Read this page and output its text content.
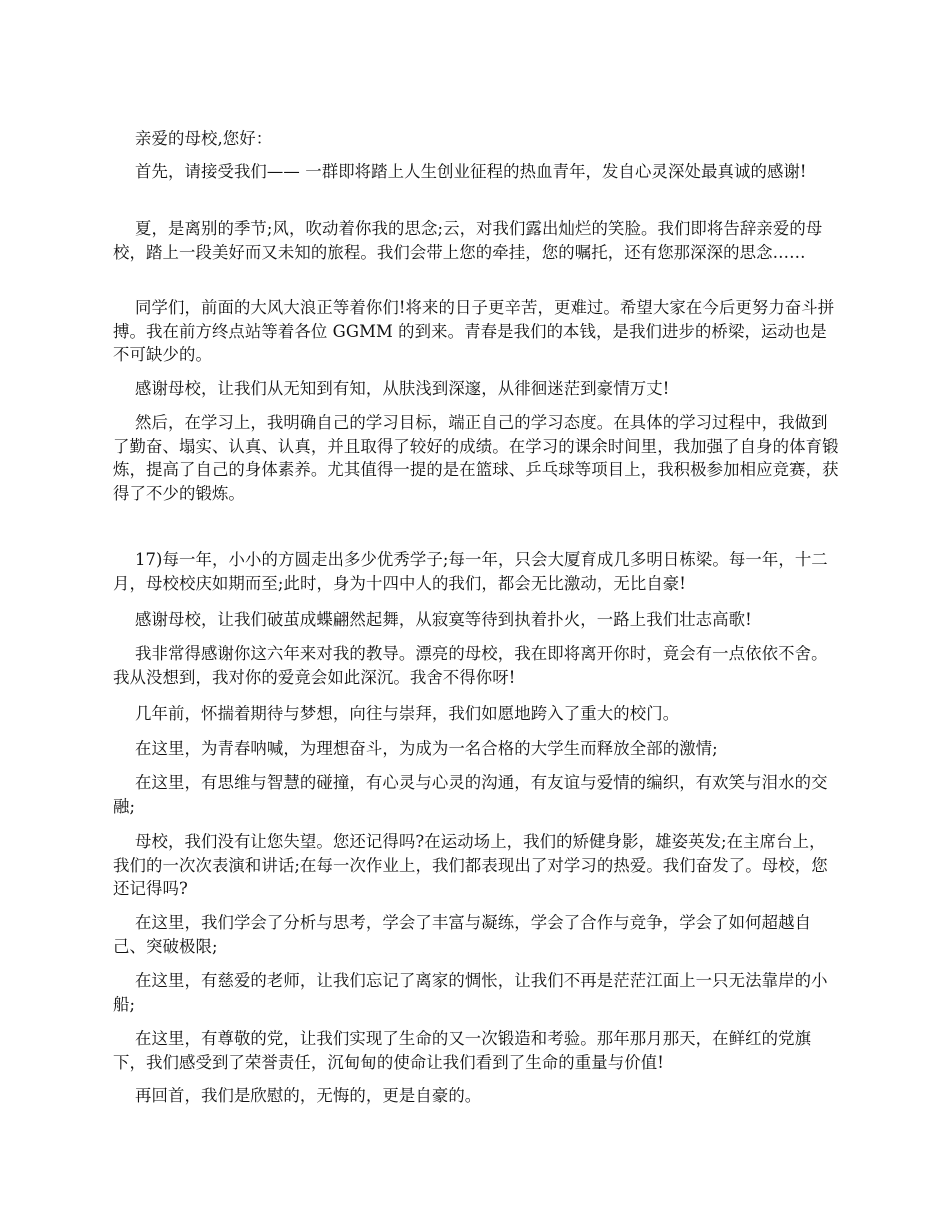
亲爱的母校,您好：

首先，请接受我们—— 一群即将踏上人生创业征程的热血青年，发自心灵深处最真诚的感谢!

夏，是离别的季节;风，吹动着你我的思念;云，对我们露出灿烂的笑脸。我们即将告辞亲爱的母校，踏上一段美好而又未知的旅程。我们会带上您的牵挂，您的嘱托，还有您那深深的思念……

同学们，前面的大风大浪正等着你们!将来的日子更辛苦，更难过。希望大家在今后更努力奋斗拼搏。我在前方终点站等着各位 GGMM 的到来。青春是我们的本钱，是我们进步的桥梁，运动也是不可缺少的。

感谢母校，让我们从无知到有知，从肤浅到深邃，从徘徊迷茫到豪情万丈!

然后，在学习上，我明确自己的学习目标，端正自己的学习态度。在具体的学习过程中，我做到了勤奋、塌实、认真、认真，并且取得了较好的成绩。在学习的课余时间里，我加强了自身的体育锻炼，提高了自己的身体素养。尤其值得一提的是在篮球、乒乓球等项目上，我积极参加相应竞赛，获得了不少的锻炼。

17)每一年，小小的方圆走出多少优秀学子;每一年，只会大厦育成几多明日栋梁。每一年，十二月，母校校庆如期而至;此时，身为十四中人的我们，都会无比激动，无比自豪!

感谢母校，让我们破茧成蝶翩然起舞，从寂寞等待到执着扑火，一路上我们壮志高歌!

我非常得感谢你这六年来对我的教导。漂亮的母校，我在即将离开你时，竟会有一点依依不舍。我从没想到，我对你的爱竟会如此深沉。我舍不得你呀!

几年前，怀揣着期待与梦想，向往与崇拜，我们如愿地跨入了重大的校门。

在这里，为青春呐喊，为理想奋斗，为成为一名合格的大学生而释放全部的激情;

在这里，有思维与智慧的碰撞，有心灵与心灵的沟通，有友谊与爱情的编织，有欢笑与泪水的交融;

母校，我们没有让您失望。您还记得吗?在运动场上，我们的矫健身影，雄姿英发;在主席台上，我们的一次次表演和讲话;在每一次作业上，我们都表现出了对学习的热爱。我们奋发了。母校，您还记得吗?

在这里，我们学会了分析与思考，学会了丰富与凝练，学会了合作与竞争，学会了如何超越自己、突破极限;

在这里，有慈爱的老师，让我们忘记了离家的惆怅，让我们不再是茫茫江面上一只无法靠岸的小船;

在这里，有尊敬的党，让我们实现了生命的又一次锻造和考验。那年那月那天，在鲜红的党旗下，我们感受到了荣誉责任，沉甸甸的使命让我们看到了生命的重量与价值!

再回首，我们是欣慰的，无悔的，更是自豪的。
